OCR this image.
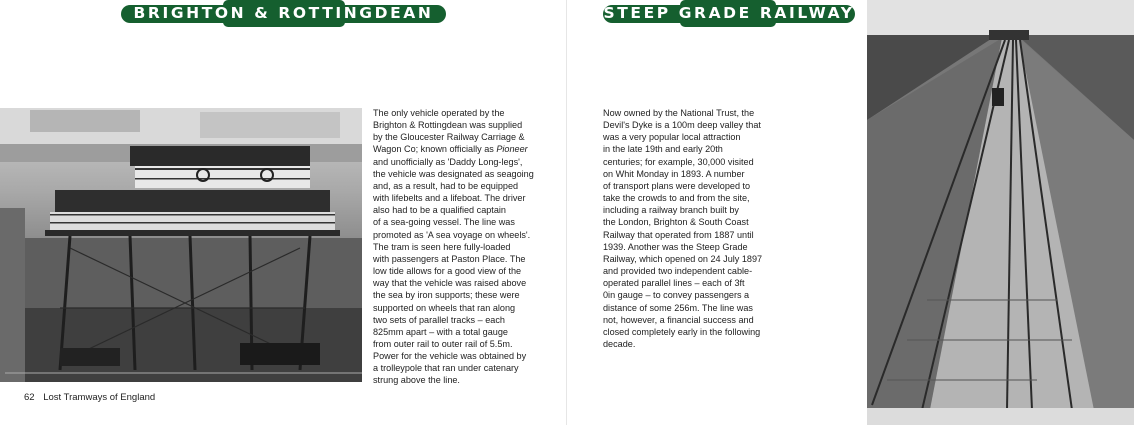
BRIGHTON & ROTTINGDEAN
The only vehicle operated by the
Brighton & Rottingdean was supplied
by the Gloucester Railway Carriage &
Wagon Co; known officially as Pioneer
and unofficially as 'Daddy Long-legs',
the vehicle was designated as seagoing
and, as a result, had to be equipped
with lifebelts and a lifeboat. The driver
also had to be a qualified captain
of a sea-going vessel. The line was
promoted as 'A sea voyage on wheels'.
The tram is seen here fully-loaded
with passengers at Paston Place. The
low tide allows for a good view of the
way that the vehicle was raised above
the sea by iron supports; these were
supported on wheels that ran along
two sets of parallel tracks – each
825mm apart – with a total gauge
from outer rail to outer rail of 5.5m.
Power for the vehicle was obtained by
a trolleypole that ran under catenary
strung above the line.
62 Lost Tramways of England
STEEP GRADE RAILWAY
Now owned by the National Trust, the
Devil's Dyke is a 100m deep valley that
was a very popular local attraction
in the late 19th and early 20th
centuries; for example, 30,000 visited
on Whit Monday in 1893. A number
of transport plans were developed to
take the crowds to and from the site,
including a railway branch built by
the London, Brighton & South Coast
Railway that operated from 1887 until
1939. Another was the Steep Grade
Railway, which opened on 24 July 1897
and provided two independent cable-
operated parallel lines – each of 3ft
0in gauge – to convey passengers a
distance of some 256m. The line was
not, however, a financial success and
closed completely early in the following
decade.
